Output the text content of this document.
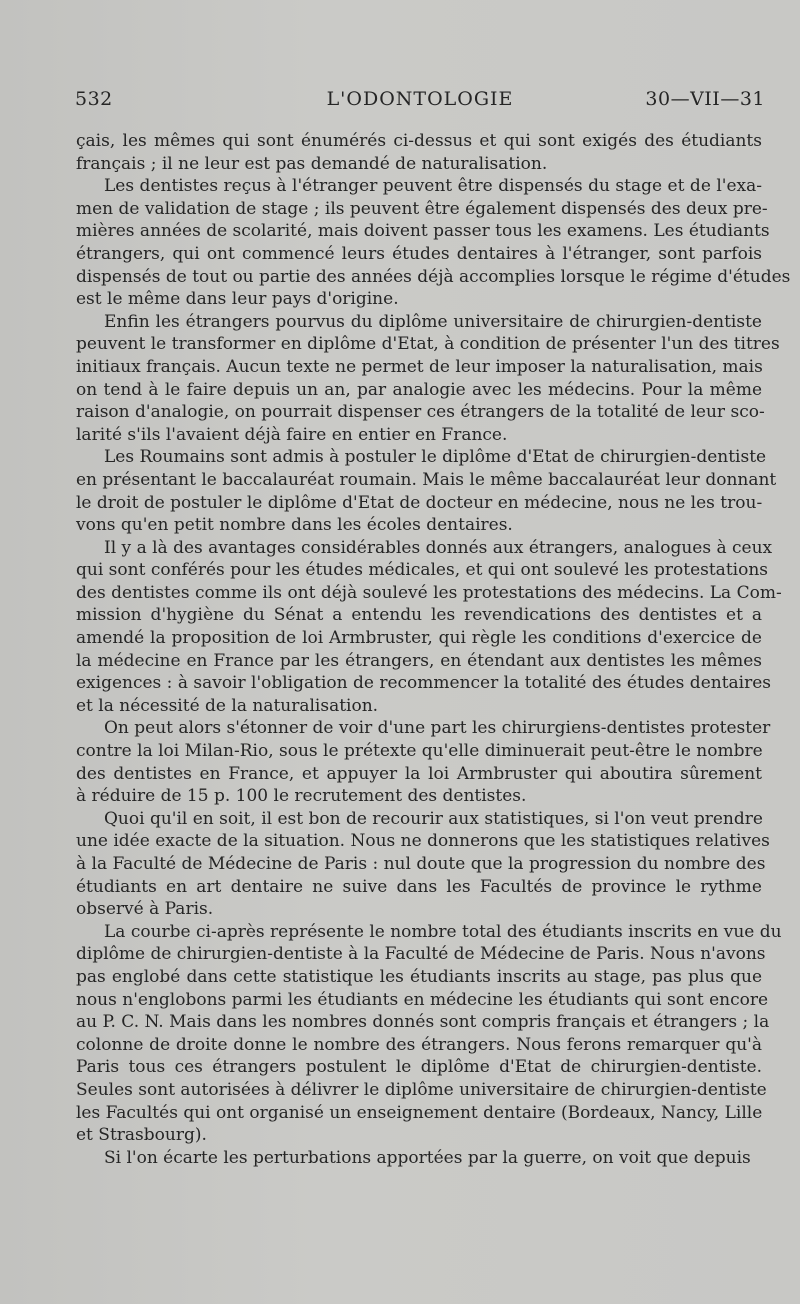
532	L'ODONTOLOGIE	30—VII—31
çais, les mêmes qui sont énumérés ci-dessus et qui sont exigés des étudiants
français ; il ne leur est pas demandé de naturalisation.
Les dentistes reçus à l'étranger peuvent être dispensés du stage et de l'exa-
men de validation de stage ; ils peuvent être également dispensés des deux pre-
mières années de scolarité, mais doivent passer tous les examens. Les étudiants
étrangers, qui ont commencé leurs études dentaires à l'étranger, sont parfois
dispensés de tout ou partie des années déjà accomplies lorsque le régime d'études
est le même dans leur pays d'origine.
Enfin les étrangers pourvus du diplôme universitaire de chirurgien-dentiste
peuvent le transformer en diplôme d'Etat, à condition de présenter l'un des titres
initiaux français. Aucun texte ne permet de leur imposer la naturalisation, mais
on tend à le faire depuis un an, par analogie avec les médecins. Pour la même
raison d'analogie, on pourrait dispenser ces étrangers de la totalité de leur sco-
larité s'ils l'avaient déjà faire en entier en France.
Les Roumains sont admis à postuler le diplôme d'Etat de chirurgien-dentiste
en présentant le baccalauréat roumain. Mais le même baccalauréat leur donnant
le droit de postuler le diplôme d'Etat de docteur en médecine, nous ne les trou-
vons qu'en petit nombre dans les écoles dentaires.
Il y a là des avantages considérables donnés aux étrangers, analogues à ceux
qui sont conférés pour les études médicales, et qui ont soulevé les protestations
des dentistes comme ils ont déjà soulevé les protestations des médecins. La Com-
mission d'hygiène du Sénat a entendu les revendications des dentistes et a
amendé la proposition de loi Armbruster, qui règle les conditions d'exercice de
la médecine en France par les étrangers, en étendant aux dentistes les mêmes
exigences : à savoir l'obligation de recommencer la totalité des études dentaires
et la nécessité de la naturalisation.
On peut alors s'étonner de voir d'une part les chirurgiens-dentistes protester
contre la loi Milan-Rio, sous le prétexte qu'elle diminuerait peut-être le nombre
des dentistes en France, et appuyer la loi Armbruster qui aboutira sûrement
à réduire de 15 p. 100 le recrutement des dentistes.
Quoi qu'il en soit, il est bon de recourir aux statistiques, si l'on veut prendre
une idée exacte de la situation. Nous ne donnerons que les statistiques relatives
à la Faculté de Médecine de Paris : nul doute que la progression du nombre des
étudiants en art dentaire ne suive dans les Facultés de province le rythme
observé à Paris.
La courbe ci-après représente le nombre total des étudiants inscrits en vue du
diplôme de chirurgien-dentiste à la Faculté de Médecine de Paris. Nous n'avons
pas englobé dans cette statistique les étudiants inscrits au stage, pas plus que
nous n'englobons parmi les étudiants en médecine les étudiants qui sont encore
au P. C. N. Mais dans les nombres donnés sont compris français et étrangers ; la
colonne de droite donne le nombre des étrangers. Nous ferons remarquer qu'à
Paris tous ces étrangers postulent le diplôme d'Etat de chirurgien-dentiste.
Seules sont autorisées à délivrer le diplôme universitaire de chirurgien-dentiste
les Facultés qui ont organisé un enseignement dentaire (Bordeaux, Nancy, Lille
et Strasbourg).
Si l'on écarte les perturbations apportées par la guerre, on voit que depuis
